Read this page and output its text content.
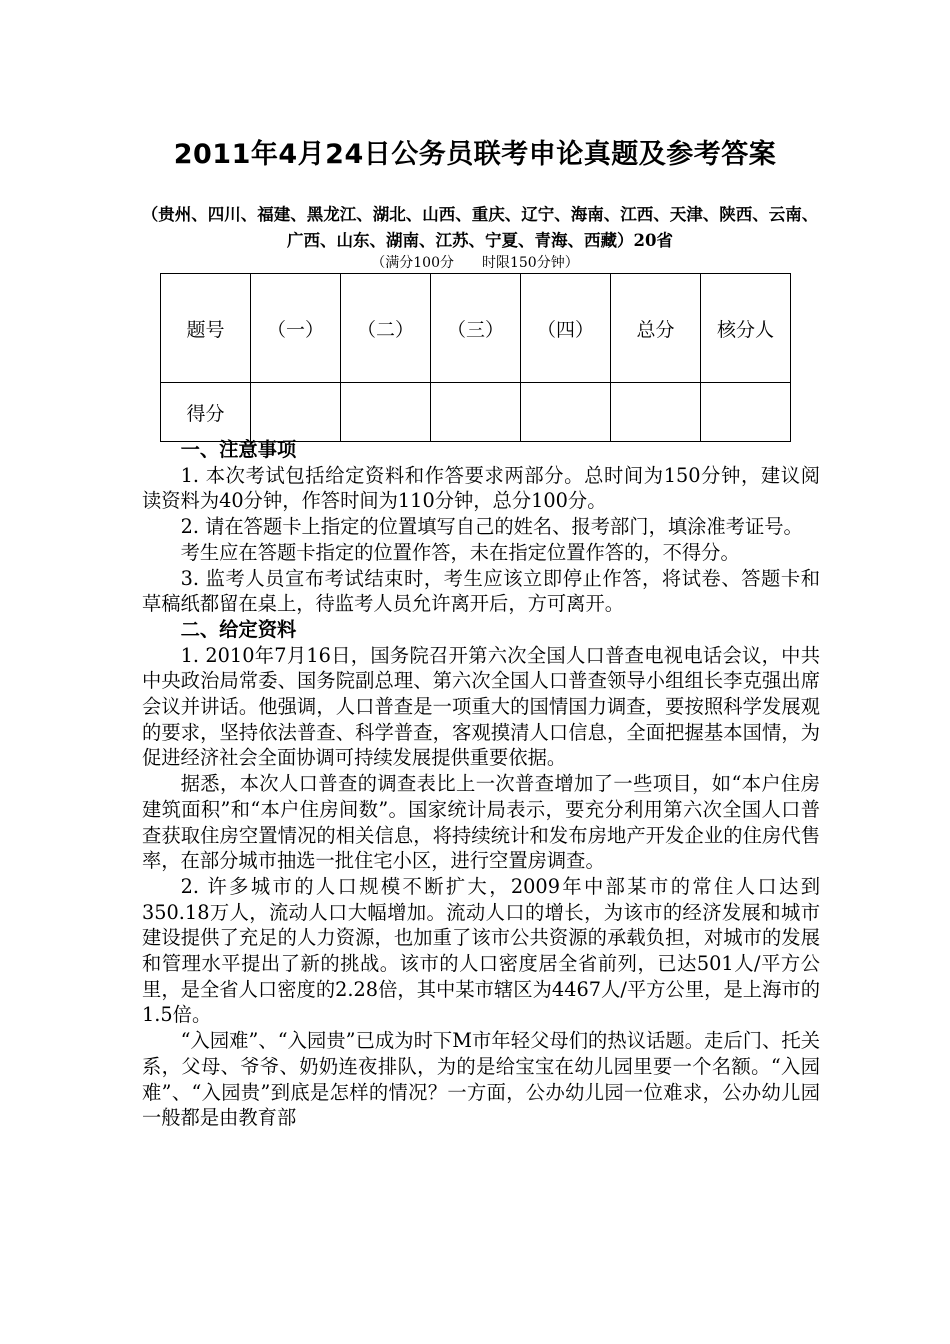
2011年4月24日公务员联考申论真题及参考答案
（贵州、四川、福建、黑龙江、湖北、山西、重庆、辽宁、海南、江西、天津、陕西、云南、广西、山东、湖南、江苏、宁夏、青海、西藏）20省
（满分100分　　时限150分钟）
题号	（一）	（二）	（三）	（四）	总分	核分人
得分						

一、注意事项

1. 本次考试包括给定资料和作答要求两部分。总时间为150分钟，建议阅读资料为40分钟，作答时间为110分钟，总分100分。

2. 请在答题卡上指定的位置填写自己的姓名、报考部门，填涂准考证号。

考生应在答题卡指定的位置作答，未在指定位置作答的，不得分。

3. 监考人员宣布考试结束时，考生应该立即停止作答，将试卷、答题卡和草稿纸都留在桌上，待监考人员允许离开后，方可离开。

二、给定资料

1. 2010年7月16日，国务院召开第六次全国人口普查电视电话会议，中共中央政治局常委、国务院副总理、第六次全国人口普查领导小组组长李克强出席会议并讲话。他强调，人口普查是一项重大的国情国力调查，要按照科学发展观的要求，坚持依法普查、科学普查，客观摸清人口信息，全面把握基本国情，为促进经济社会全面协调可持续发展提供重要依据。

据悉，本次人口普查的调查表比上一次普查增加了一些项目，如“本户住房建筑面积”和“本户住房间数”。国家统计局表示，要充分利用第六次全国人口普查获取住房空置情况的相关信息，将持续统计和发布房地产开发企业的住房代售率，在部分城市抽选一批住宅小区，进行空置房调查。

2. 许多城市的人口规模不断扩大，2009年中部某市的常住人口达到350.18万人，流动人口大幅增加。流动人口的增长，为该市的经济发展和城市建设提供了充足的人力资源，也加重了该市公共资源的承载负担，对城市的发展和管理水平提出了新的挑战。该市的人口密度居全省前列，已达501人/平方公里，是全省人口密度的2.28倍，其中某市辖区为4467人/平方公里，是上海市的1.5倍。

“入园难”、“入园贵”已成为时下M市年轻父母们的热议话题。走后门、托关系，父母、爷爷、奶奶连夜排队，为的是给宝宝在幼儿园里要一个名额。“入园难”、“入园贵”到底是怎样的情况？一方面，公办幼儿园一位难求，公办幼儿园一般都是由教育部
